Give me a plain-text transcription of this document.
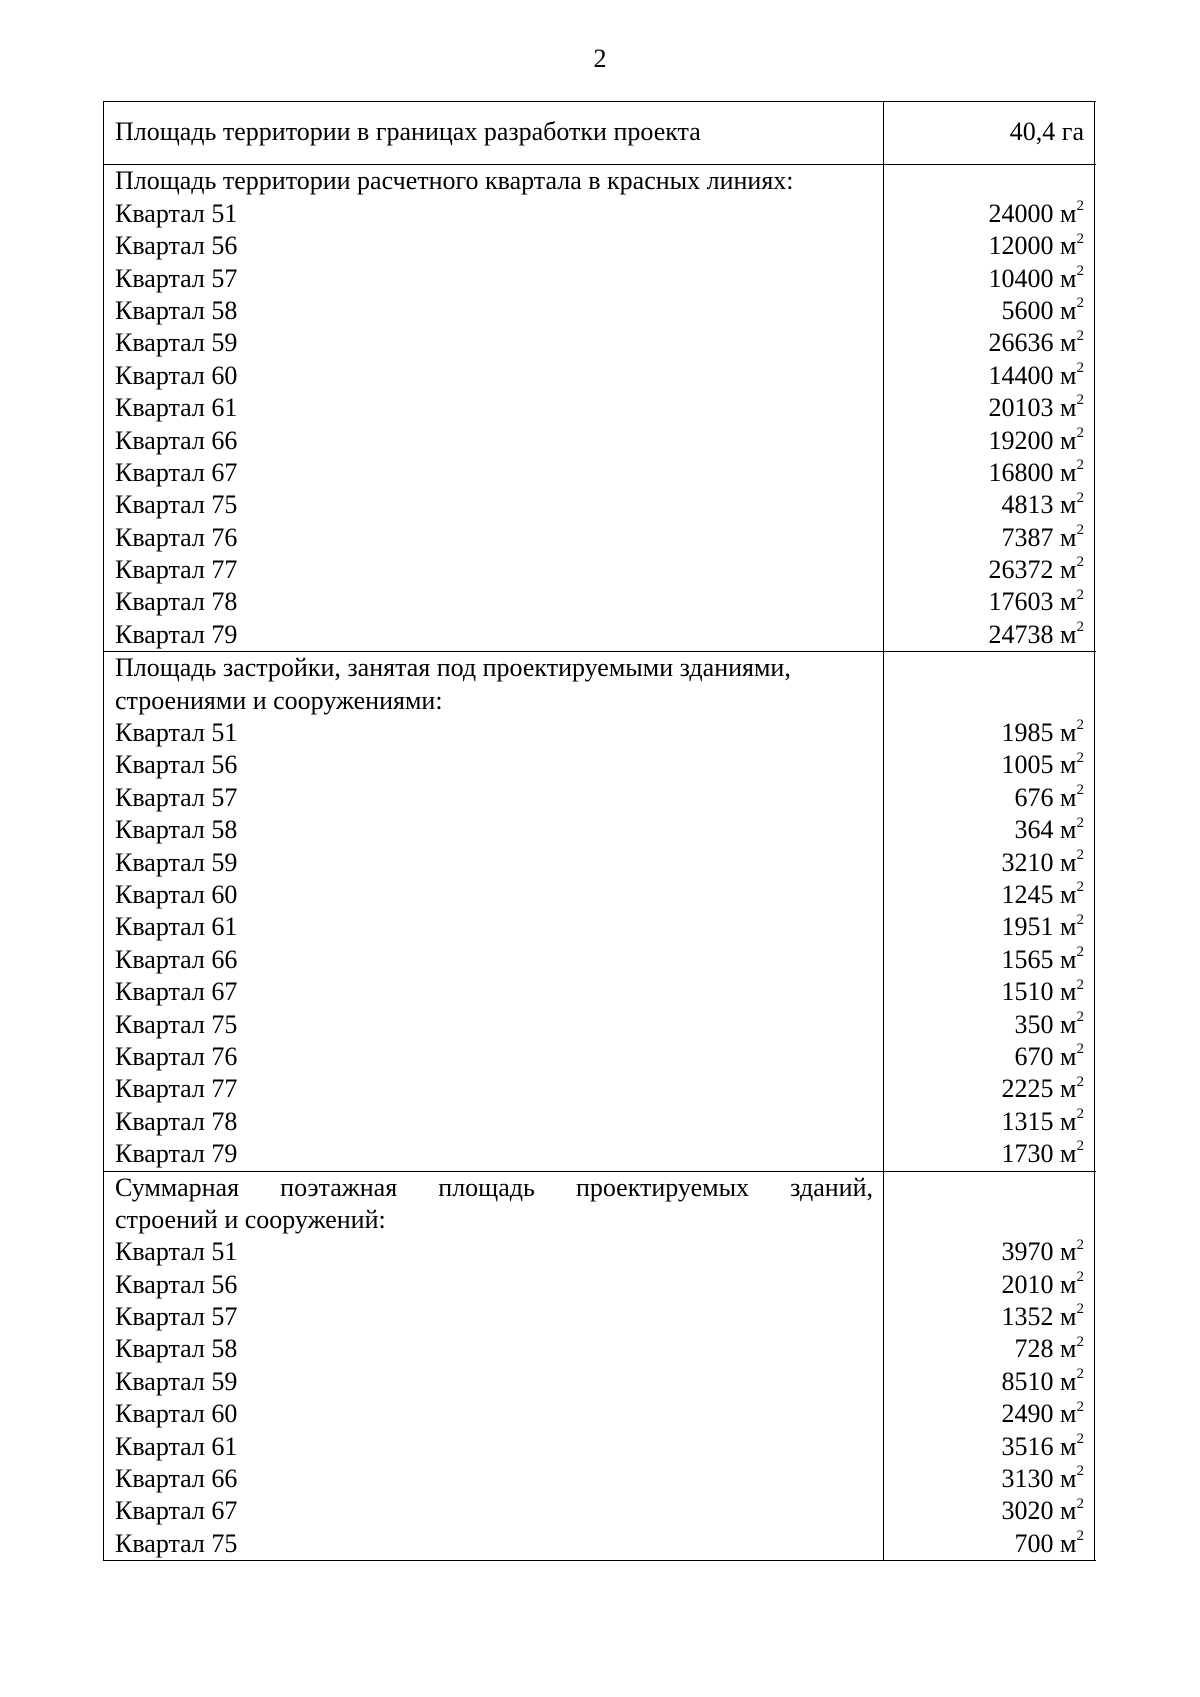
2
Площадь территории в границах разработки проекта	40,4 га
Площадь территории расчетного квартала в красных линиях:
Квартал 51
Квартал 56
Квартал 57
Квартал 58
Квартал 59
Квартал 60
Квартал 61
Квартал 66
Квартал 67
Квартал 75
Квартал 76
Квартал 77
Квартал 78
Квартал 79
24000 $м^2$
12000 $м^2$
10400 $м^2$
5600 $м^2$
26636 $м^2$
14400 $м^2$
20103 $м^2$
19200 $м^2$
16800 $м^2$
4813 $м^2$
7387 $м^2$
26372 $м^2$
17603 $м^2$
24738 $м^2$
Площадь застройки, занятая под проектируемыми зданиями,
строениями и сооружениями:
Квартал 51
Квартал 56
Квартал 57
Квартал 58
Квартал 59
Квартал 60
Квартал 61
Квартал 66
Квартал 67
Квартал 75
Квартал 76
Квартал 77
Квартал 78
Квартал 79
1985 $м^2$
1005 $м^2$
676 $м^2$
364 $м^2$
3210 $м^2$
1245 $м^2$
1951 $м^2$
1565 $м^2$
1510 $м^2$
350 $м^2$
670 $м^2$
2225 $м^2$
1315 $м^2$
1730 $м^2$
Суммарная поэтажная площадь проектируемых зданий,
строений и сооружений:
Квартал 51
Квартал 56
Квартал 57
Квартал 58
Квартал 59
Квартал 60
Квартал 61
Квартал 66
Квартал 67
Квартал 75
3970 $м^2$
2010 $м^2$
1352 $м^2$
728 $м^2$
8510 $м^2$
2490 $м^2$
3516 $м^2$
3130 $м^2$
3020 $м^2$
700 $м^2$
